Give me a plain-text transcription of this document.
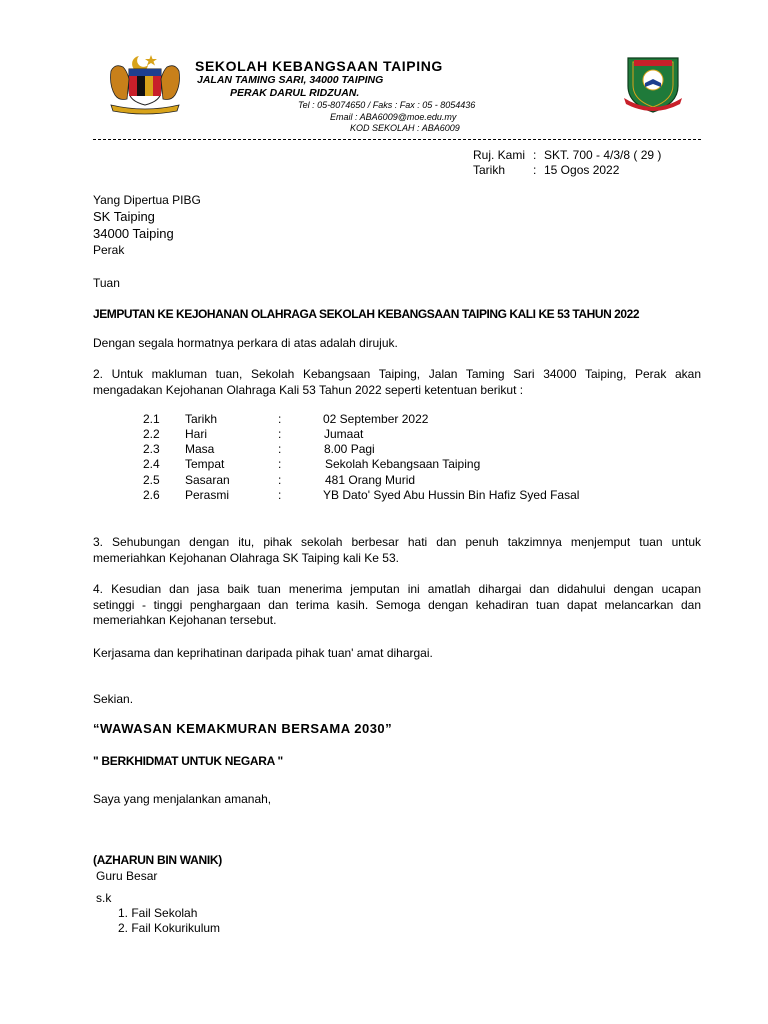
SEKOLAH KEBANGSAAN TAIPING
JALAN TAMING SARI, 34000 TAIPING
PERAK DARUL RIDZUAN.
Tel : 05-8074650 / Faks : Fax : 05 - 8054436
Email : ABA6009@moe.edu.my
KOD SEKOLAH : ABA6009
Ruj. Kami : SKT. 700 - 4/3/8 ( 29 )
Tarikh : 15 Ogos 2022
Yang Dipertua PIBG
SK Taiping
34000 Taiping
Perak
Tuan
JEMPUTAN KE KEJOHANAN OLAHRAGA SEKOLAH KEBANGSAAN TAIPING KALI KE 53 TAHUN 2022
Dengan segala hormatnya perkara di atas adalah dirujuk.
2. Untuk makluman tuan, Sekolah Kebangsaan Taiping, Jalan Taming Sari 34000 Taiping, Perak akan
mengadakan Kejohanan Olahraga Kali 53 Tahun 2022 seperti ketentuan berikut :
2.1 Tarikh	:	02 September 2022
2.2 Hari	:	Jumaat
2.3 Masa	:	8.00 Pagi
2.4 Tempat	:	Sekolah Kebangsaan Taiping
2.5 Sasaran	:	481 Orang Murid
2.6 Perasmi	:	YB Dato' Syed Abu Hussin Bin Hafiz Syed Fasal
3. Sehubungan dengan itu, pihak sekolah berbesar hati dan penuh takzimnya menjemput tuan untuk
memeriahkan Kejohanan Olahraga SK Taiping kali Ke 53.
4. Kesudian dan jasa baik tuan menerima jemputan ini amatlah dihargai dan didahului dengan ucapan
setinggi - tinggi penghargaan dan terima kasih. Semoga dengan kehadiran tuan dapat melancarkan dan
memeriahkan Kejohanan tersebut.
Kerjasama dan keprihatinan daripada pihak tuan' amat dihargai.
Sekian.
“WAWASAN KEMAKMURAN BERSAMA 2030”
" BERKHIDMAT UNTUK NEGARA "
Saya yang menjalankan amanah,
(AZHARUN BIN WANIK)
Guru Besar
s.k
1. Fail Sekolah
2. Fail Kokurikulum
